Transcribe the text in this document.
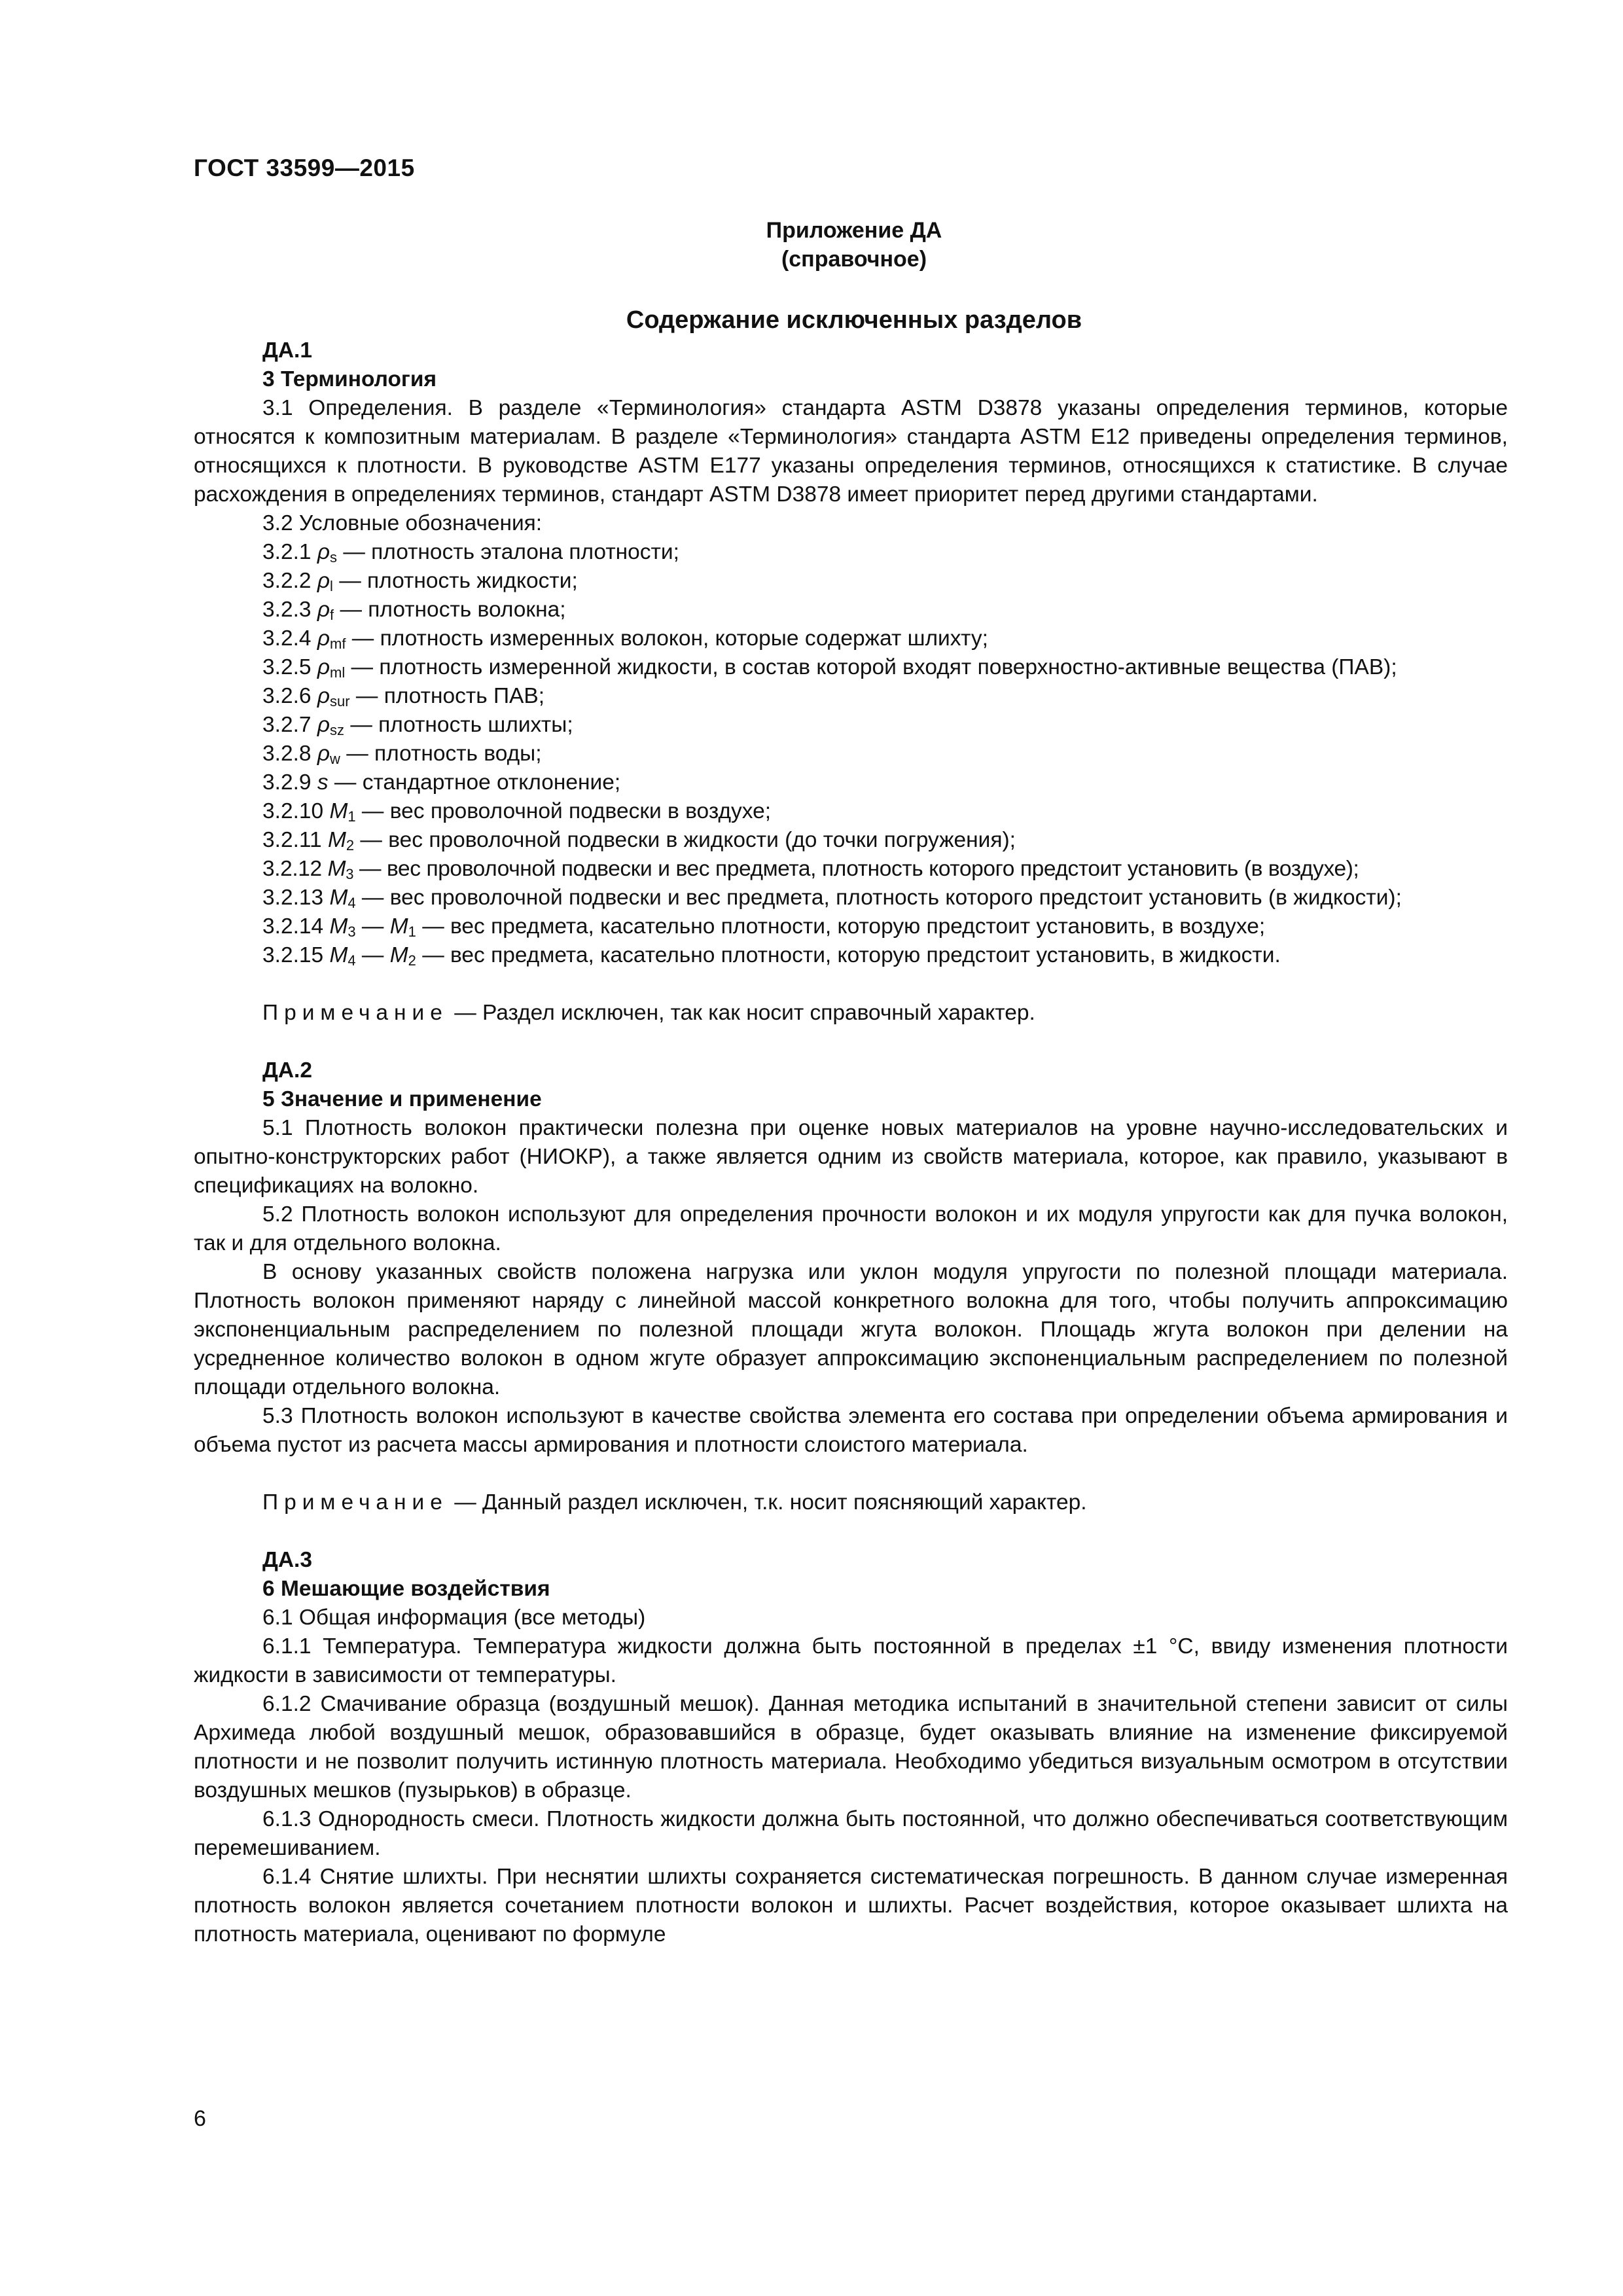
ГОСТ 33599—2015
Приложение ДА
(справочное)
Содержание исключенных разделов
ДА.1
3 Терминология

3.1 Определения. В разделе «Терминология» стандарта ASTM D3878 указаны определения терминов, которые относятся к композитным материалам. В разделе «Терминология» стандарта ASTM E12 приведены определения терминов, относящихся к плотности. В руководстве ASTM E177 указаны определения терминов, относящихся к статистике. В случае расхождения в определениях терминов, стандарт ASTM D3878 имеет приоритет перед другими стандартами.

3.2 Условные обозначения:

3.2.1 $\rho_s$ — плотность эталона плотности;

3.2.2 $\rho_l$ — плотность жидкости;

3.2.3 $\rho_f$ — плотность волокна;

3.2.4 $\rho_{mf}$ — плотность измеренных волокон, которые содержат шлихту;

3.2.5 $\rho_{ml}$ — плотность измеренной жидкости, в состав которой входят поверхностно-активные вещества (ПАВ);

3.2.6 $\rho_{sur}$ — плотность ПАВ;

3.2.7 $\rho_{sz}$ — плотность шлихты;

3.2.8 $\rho_w$ — плотность воды;

3.2.9 s — стандартное отклонение;

3.2.10 $M_1$ — вес проволочной подвески в воздухе;

3.2.11 $M_2$ — вес проволочной подвески в жидкости (до точки погружения);

3.2.12 $M_3$ — вес проволочной подвески и вес предмета, плотность которого предстоит установить (в воздухе);

3.2.13 $M_4$ — вес проволочной подвески и вес предмета, плотность которого предстоит установить (в жидкости);

3.2.14 $M_3$ — $M_1$ — вес предмета, касательно плотности, которую предстоит установить, в воздухе;

3.2.15 $M_4$ — $M_2$ — вес предмета, касательно плотности, которую предстоит установить, в жидкости.

Примечание — Раздел исключен, так как носит справочный характер.

ДА.2
5 Значение и применение

5.1 Плотность волокон практически полезна при оценке новых материалов на уровне научно-исследовательских и опытно-конструкторских работ (НИОКР), а также является одним из свойств материала, которое, как правило, указывают в спецификациях на волокно.

5.2 Плотность волокон используют для определения прочности волокон и их модуля упругости как для пучка волокон, так и для отдельного волокна.

В основу указанных свойств положена нагрузка или уклон модуля упругости по полезной площади материала. Плотность волокон применяют наряду с линейной массой конкретного волокна для того, чтобы получить аппроксимацию экспоненциальным распределением по полезной площади жгута волокон. Площадь жгута волокон при делении на усредненное количество волокон в одном жгуте образует аппроксимацию экспоненциальным распределением по полезной площади отдельного волокна.

5.3 Плотность волокон используют в качестве свойства элемента его состава при определении объема армирования и объема пустот из расчета массы армирования и плотности слоистого материала.

Примечание — Данный раздел исключен, т.к. носит поясняющий характер.

ДА.3
6 Мешающие воздействия

6.1 Общая информация (все методы)

6.1.1 Температура. Температура жидкости должна быть постоянной в пределах ±1 °С, ввиду изменения плотности жидкости в зависимости от температуры.

6.1.2 Смачивание образца (воздушный мешок). Данная методика испытаний в значительной степени зависит от силы Архимеда любой воздушный мешок, образовавшийся в образце, будет оказывать влияние на изменение фиксируемой плотности и не позволит получить истинную плотность материала. Необходимо убедиться визуальным осмотром в отсутствии воздушных мешков (пузырьков) в образце.

6.1.3 Однородность смеси. Плотность жидкости должна быть постоянной, что должно обеспечиваться соответствующим перемешиванием.

6.1.4 Снятие шлихты. При неснятии шлихты сохраняется систематическая погрешность. В данном случае измеренная плотность волокон является сочетанием плотности волокон и шлихты. Расчет воздействия, которое оказывает шлихта на плотность материала, оценивают по формуле

6
